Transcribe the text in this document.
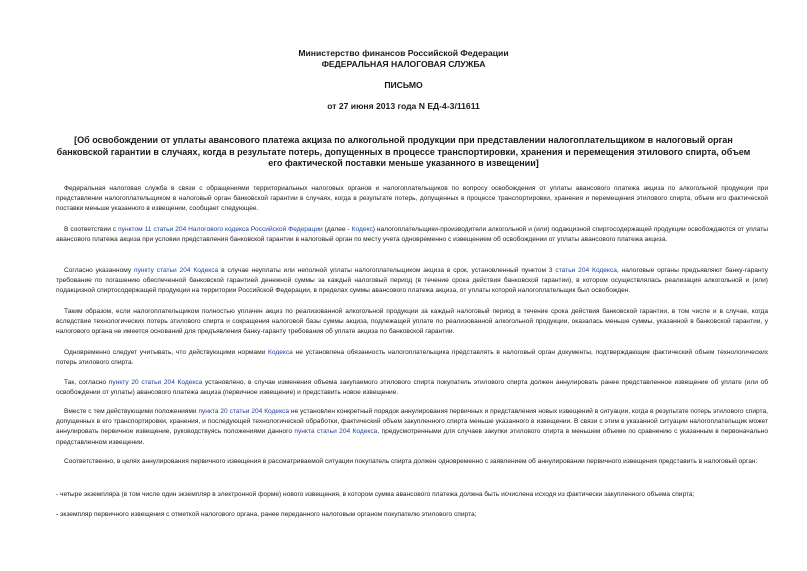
Министерство финансов Российской Федерации
ФЕДЕРАЛЬНАЯ НАЛОГОВАЯ СЛУЖБА
ПИСЬМО
от 27 июня 2013 года N ЕД-4-3/11611
[Об освобождении от уплаты авансового платежа акциза по алкогольной продукции при представлении налогоплательщиком в налоговый орган банковской гарантии в случаях, когда в результате потерь, допущенных в процессе транспортировки, хранения и перемещения этилового спирта, объем его фактической поставки меньше указанного в извещении]
Федеральная налоговая служба в связи с обращениями территориальных налоговых органов и налогоплательщиков по вопросу освобождения от уплаты авансового платежа акциза по алкогольной продукции при представлении налогоплательщиком в налоговый орган банковской гарантии в случаях, когда в результате потерь, допущенных в процессе транспортировки, хранения и перемещения этилового спирта, объем его фактической поставки меньше указанного в извещении, сообщает следующее.
В соответствии с пунктом 11 статьи 204 Налогового кодекса Российской Федерации (далее - Кодекс) налогоплательщики-производители алкогольной и (или) подакцизной спиртосодержащей продукции освобождаются от уплаты авансового платежа акциза при условии представления банковской гарантии в налоговый орган по месту учета одновременно с извещением об освобождении от уплаты авансового платежа акциза.
Согласно указанному пункту статьи 204 Кодекса в случае неуплаты или неполной уплаты налогоплательщиком акциза в срок, установленный пунктом 3 статьи 204 Кодекса, налоговые органы предъявляют банку-гаранту требование по погашению обеспеченной банковской гарантией денежной суммы за каждый налоговый период (в течение срока действия банковской гарантии), в котором осуществлялась реализация алкогольной и (или) подакцизной спиртосодержащей продукции на территории Российской Федерации, в пределах суммы авансового платежа акциза, от уплаты которой налогоплательщик был освобожден.
Таким образом, если налогоплательщиком полностью уплачен акциз по реализованной алкогольной продукции за каждый налоговый период в течение срока действия банковской гарантии, в том числе и в случае, когда вследствие технологических потерь этилового спирта и сокращения налоговой базы суммы акциза, подлежащей уплате по реализованной алкогольной продукции, оказалась меньше суммы, указанной в банковской гарантии, у налогового органа не имеется оснований для предъявления банку-гаранту требования об уплате акциза по банковской гарантии.
Одновременно следует учитывать, что действующими нормами Кодекса не установлена обязанность налогоплательщика представлять в налоговый орган документы, подтверждающие фактический объем технологических потерь этилового спирта.
Так, согласно пункту 20 статьи 204 Кодекса установлено, в случае изменения объема закупаемого этилового спирта покупатель этилового спирта должен аннулировать ранее представленное извещение об уплате (или об освобождении от уплаты) авансового платежа акциза (первичное извещение) и представить новое извещение.
Вместе с тем действующими положениями пункта 20 статьи 204 Кодекса не установлен конкретный порядок аннулирования первичных и представления новых извещений в ситуации, когда в результате потерь этилового спирта, допущенных в его транспортировки, хранения, и последующей технологической обработки, фактический объем закупленного спирта меньше указанного в извещении. В связи с этим в указанной ситуации налогоплательщик может аннулировать первичное извещение, руководствуясь положениями данного пункта статьи 204 Кодекса, предусмотренными для случаев закупки этилового спирта в меньшем объеме по сравнению с указанным в первоначально представленном извещении.
Соответственно, в целях аннулирования первичного извещения в рассматриваемой ситуации покупатель спирта должен одновременно с заявлением об аннулировании первичного извещения представить в налоговый орган:
- четыре экземпляра (в том числе один экземпляр в электронной форме) нового извещения, в котором сумма авансового платежа должна быть исчислена исходя из фактически закупленного объема спирта;
- экземпляр первичного извещения с отметкой налогового органа, ранее переданного налоговым органом покупателю этилового спирта;
